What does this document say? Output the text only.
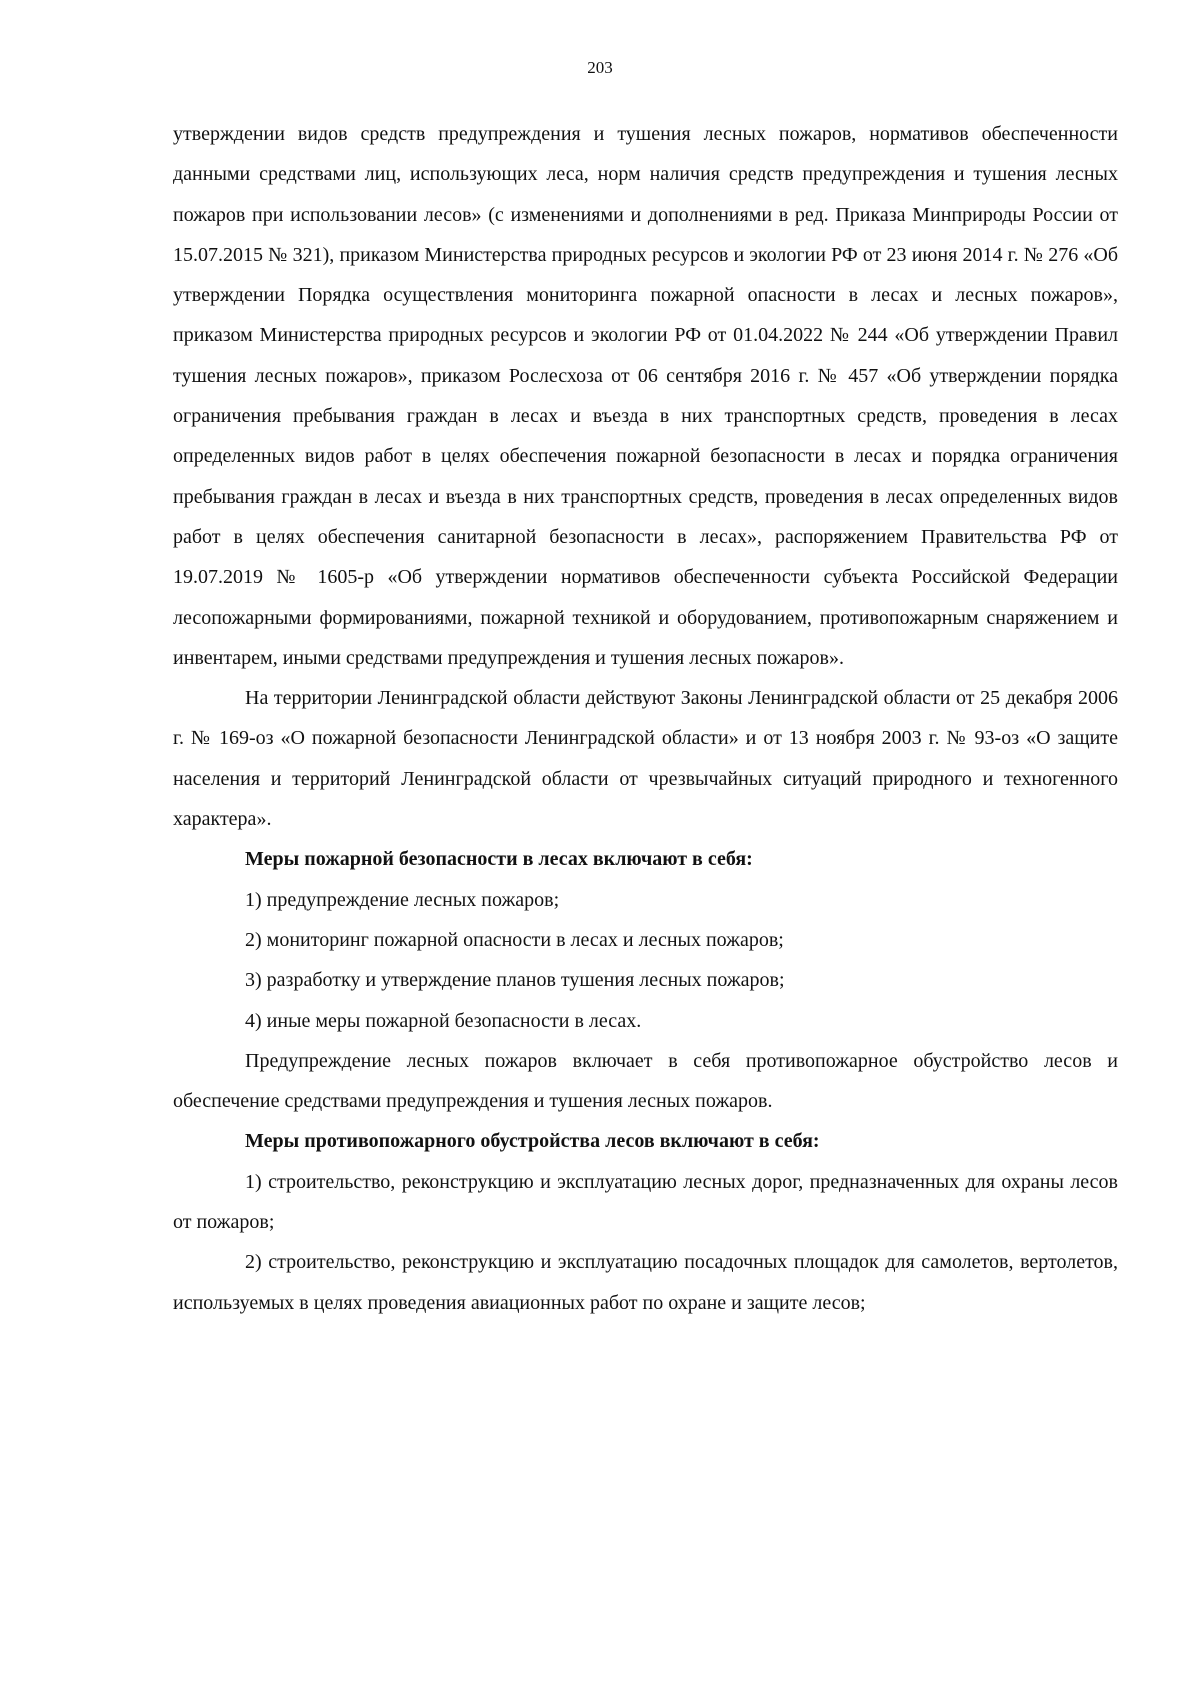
203

утверждении видов средств предупреждения и тушения лесных пожаров, нормативов обеспеченности данными средствами лиц, использующих леса, норм наличия средств предупреждения и тушения лесных пожаров при использовании лесов» (с изменениями и дополнениями в ред. Приказа Минприроды России от 15.07.2015 № 321), приказом Министерства природных ресурсов и экологии РФ от 23 июня 2014 г. № 276 «Об утверждении Порядка осуществления мониторинга пожарной опасности в лесах и лесных пожаров», приказом Министерства природных ресурсов и экологии РФ от 01.04.2022 № 244 «Об утверждении Правил тушения лесных пожаров», приказом Рослесхоза от 06 сентября 2016 г. № 457 «Об утверждении порядка ограничения пребывания граждан в лесах и въезда в них транспортных средств, проведения в лесах определенных видов работ в целях обеспечения пожарной безопасности в лесах и порядка ограничения пребывания граждан в лесах и въезда в них транспортных средств, проведения в лесах определенных видов работ в целях обеспечения санитарной безопасности в лесах», распоряжением Правительства РФ от 19.07.2019 № 1605-р «Об утверждении нормативов обеспеченности субъекта Российской Федерации лесопожарными формированиями, пожарной техникой и оборудованием, противопожарным снаряжением и инвентарем, иными средствами предупреждения и тушения лесных пожаров».

На территории Ленинградской области действуют Законы Ленинградской области от 25 декабря 2006 г. № 169-оз «О пожарной безопасности Ленинградской области» и от 13 ноября 2003 г. № 93-оз «О защите населения и территорий Ленинградской области от чрезвычайных ситуаций природного и техногенного характера».

Меры пожарной безопасности в лесах включают в себя:

1) предупреждение лесных пожаров;

2) мониторинг пожарной опасности в лесах и лесных пожаров;

3) разработку и утверждение планов тушения лесных пожаров;

4) иные меры пожарной безопасности в лесах.

Предупреждение лесных пожаров включает в себя противопожарное обустройство лесов и обеспечение средствами предупреждения и тушения лесных пожаров.

Меры противопожарного обустройства лесов включают в себя:

1) строительство, реконструкцию и эксплуатацию лесных дорог, предназначенных для охраны лесов от пожаров;

2) строительство, реконструкцию и эксплуатацию посадочных площадок для самолетов, вертолетов, используемых в целях проведения авиационных работ по охране и защите лесов;
